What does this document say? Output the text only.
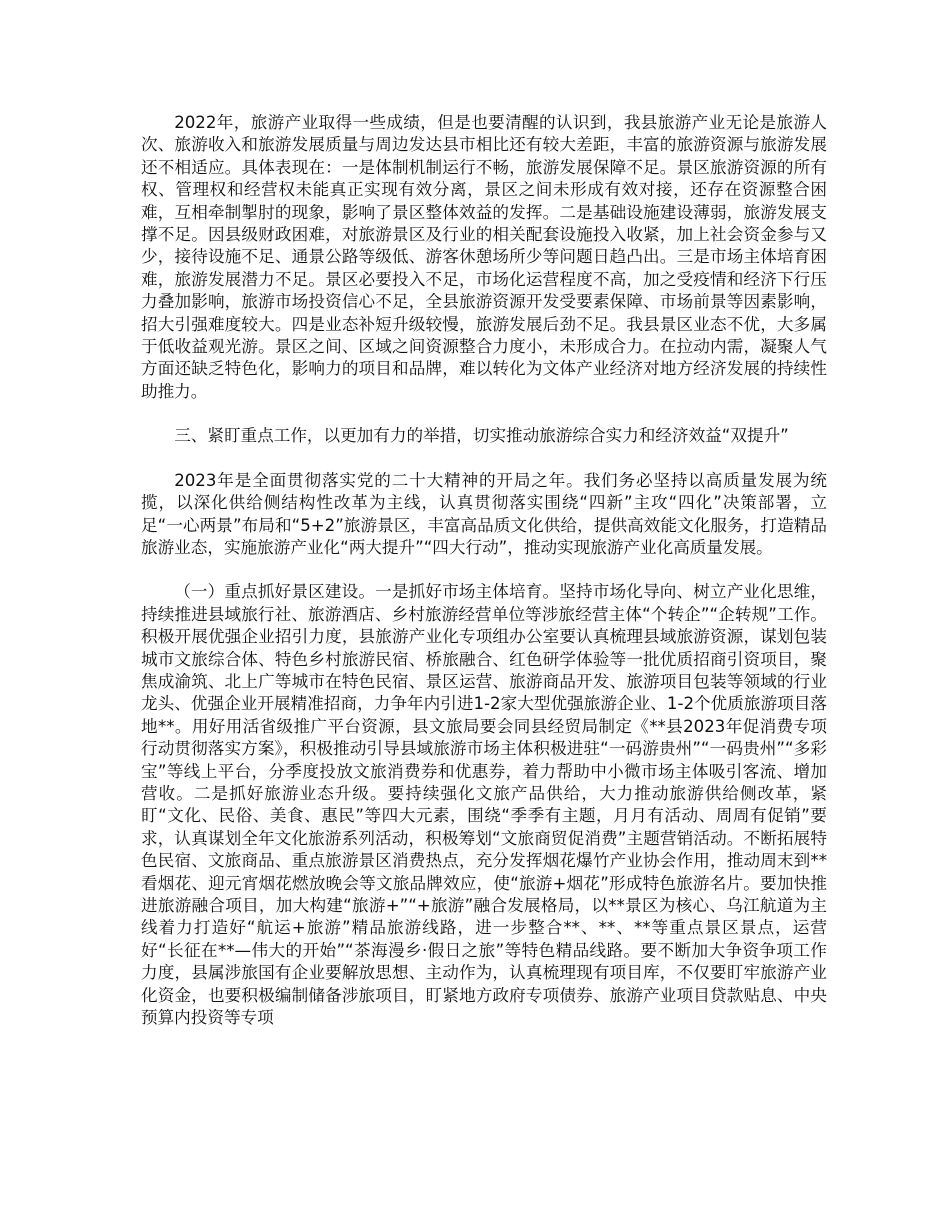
2022年，旅游产业取得一些成绩，但是也要清醒的认识到，我县旅游产业无论是旅游人次、旅游收入和旅游发展质量与周边发达县市相比还有较大差距，丰富的旅游资源与旅游发展还不相适应。具体表现在：一是体制机制运行不畅，旅游发展保障不足。景区旅游资源的所有权、管理权和经营权未能真正实现有效分离，景区之间未形成有效对接，还存在资源整合困难，互相牵制掣肘的现象，影响了景区整体效益的发挥。二是基础设施建设薄弱，旅游发展支撑不足。因县级财政困难，对旅游景区及行业的相关配套设施投入收紧，加上社会资金参与又少，接待设施不足、通景公路等级低、游客休憩场所少等问题日趋凸出。三是市场主体培育困难，旅游发展潜力不足。景区必要投入不足，市场化运营程度不高，加之受疫情和经济下行压力叠加影响，旅游市场投资信心不足，全县旅游资源开发受要素保障、市场前景等因素影响，招大引强难度较大。四是业态补短升级较慢，旅游发展后劲不足。我县景区业态不优，大多属于低收益观光游。景区之间、区域之间资源整合力度小，未形成合力。在拉动内需，凝聚人气方面还缺乏特色化，影响力的项目和品牌，难以转化为文体产业经济对地方经济发展的持续性助推力。

三、紧盯重点工作，以更加有力的举措，切实推动旅游综合实力和经济效益“双提升”

2023年是全面贯彻落实党的二十大精神的开局之年。我们务必坚持以高质量发展为统揽，以深化供给侧结构性改革为主线，认真贯彻落实围绕“四新”主攻“四化”决策部署，立足“一心两景”布局和“5+2”旅游景区，丰富高品质文化供给，提供高效能文化服务，打造精品旅游业态，实施旅游产业化“两大提升”“四大行动”，推动实现旅游产业化高质量发展。

（一）重点抓好景区建设。一是抓好市场主体培育。坚持市场化导向、树立产业化思维，持续推进县域旅行社、旅游酒店、乡村旅游经营单位等涉旅经营主体“个转企”“企转规”工作。积极开展优强企业招引力度，县旅游产业化专项组办公室要认真梳理县域旅游资源，谋划包装城市文旅综合体、特色乡村旅游民宿、桥旅融合、红色研学体验等一批优质招商引资项目，聚焦成渝筑、北上广等城市在特色民宿、景区运营、旅游商品开发、旅游项目包装等领域的行业龙头、优强企业开展精准招商，力争年内引进1-2家大型优强旅游企业、1-2个优质旅游项目落地**。用好用活省级推广平台资源，县文旅局要会同县经贸局制定《**县2023年促消费专项行动贯彻落实方案》，积极推动引导县域旅游市场主体积极进驻“一码游贵州”“一码贵州”“多彩宝”等线上平台，分季度投放文旅消费券和优惠券，着力帮助中小微市场主体吸引客流、增加营收。二是抓好旅游业态升级。要持续强化文旅产品供给，大力推动旅游供给侧改革，紧盯“文化、民俗、美食、惠民”等四大元素，围绕“季季有主题，月月有活动、周周有促销”要求，认真谋划全年文化旅游系列活动，积极筹划“文旅商贸促消费”主题营销活动。不断拓展特色民宿、文旅商品、重点旅游景区消费热点，充分发挥烟花爆竹产业协会作用，推动周末到**看烟花、迎元宵烟花燃放晚会等文旅品牌效应，使“旅游+烟花”形成特色旅游名片。要加快推进旅游融合项目，加大构建“旅游+”“+旅游”融合发展格局，以**景区为核心、乌江航道为主线着力打造好“航运+旅游”精品旅游线路，进一步整合**、**、**等重点景区景点，运营好“长征在**—伟大的开始”“茶海漫乡·假日之旅”等特色精品线路。要不断加大争资争项工作力度，县属涉旅国有企业要解放思想、主动作为，认真梳理现有项目库，不仅要盯牢旅游产业化资金，也要积极编制储备涉旅项目，盯紧地方政府专项债券、旅游产业项目贷款贴息、中央预算内投资等专项
